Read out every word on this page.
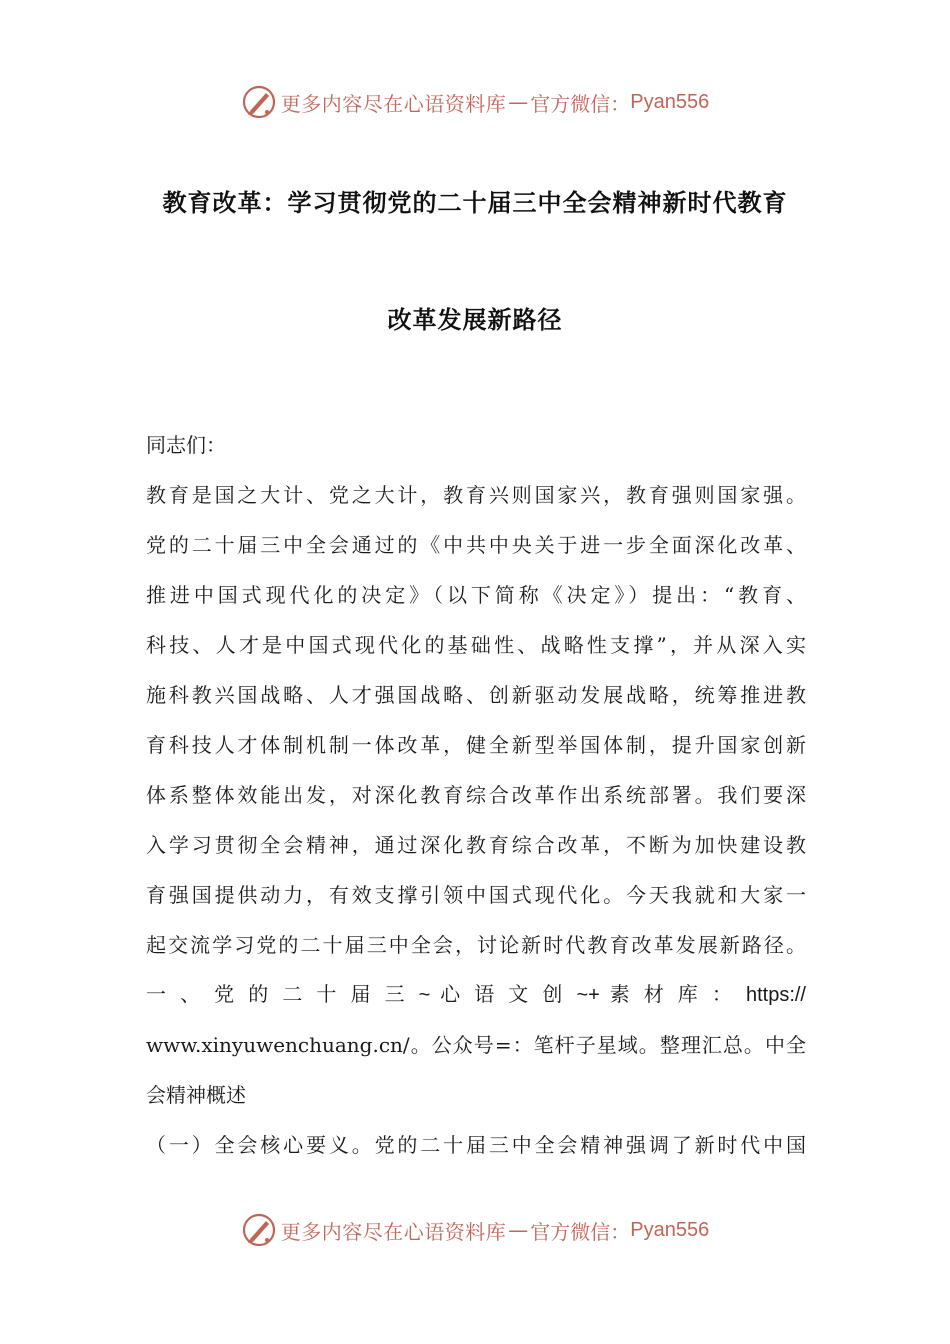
更多内容尽在心语资料库 — 官方微信： Pyan556
教育改革：学习贯彻党的二十届三中全会精神新时代教育
改革发展新路径
同志们：
教育是国之大计、党之大计，教育兴则国家兴，教育强则国家强。
党的二十届三中全会通过的《中共中央关于进一步全面深化改革、
推进中国式现代化的决定》（以下简称《决定》）提出：“教育、
科技、人才是中国式现代化的基础性、战略性支撑”，并从深入实
施科教兴国战略、人才强国战略、创新驱动发展战略，统筹推进教
育科技人才体制机制一体改革，健全新型举国体制，提升国家创新
体系整体效能出发，对深化教育综合改革作出系统部署。我们要深
入学习贯彻全会精神，通过深化教育综合改革，不断为加快建设教
育强国提供动力，有效支撑引领中国式现代化。今天我就和大家一
起交流学习党的二十届三中全会，讨论新时代教育改革发展新路径。
一 、 党 的 二 十 届 三 ~ 心 语 文 创 ~+ 素 材 库 ： https://
www.xinyuwenchuang.cn/。公众号=：笔杆子星域。整理汇总。中全
会精神概述
（一）全会核心要义。党的二十届三中全会精神强调了新时代中国
更多内容尽在心语资料库 — 官方微信： Pyan556
